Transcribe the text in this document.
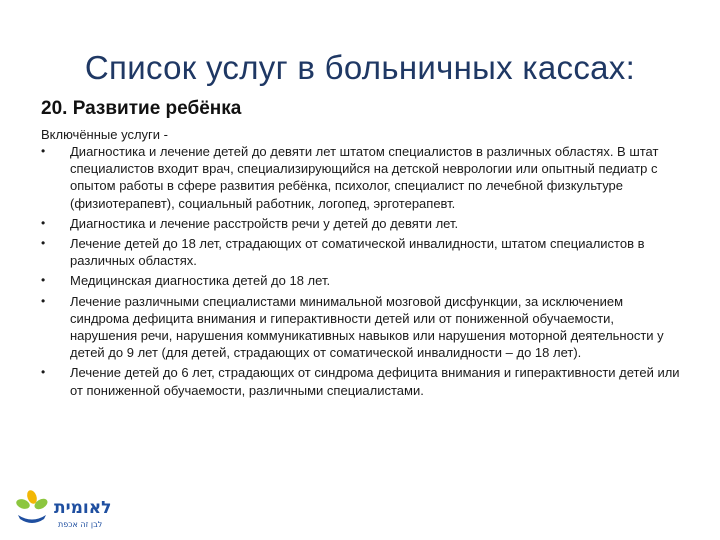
Список услуг в больничных кассах:
20. Развитие ребёнка
Включённые услуги -
• Диагностика и лечение детей до девяти лет штатом специалистов в различных областях. В штат специалистов входит врач, специализирующийся на детской неврологии или опытный педиатр с опытом работы в сфере развития ребёнка, психолог, специалист по лечебной физкультуре (физиотерапевт), социальный работник, логопед, эрготерапевт.
• Диагностика и лечение расстройств речи у детей до девяти лет.
• Лечение детей до 18 лет, страдающих от соматической инвалидности, штатом специалистов в различных областях.
• Медицинская диагностика детей до 18 лет.
• Лечение различными специалистами минимальной мозговой дисфункции, за исключением синдрома дефицита внимания и гиперактивности детей или от пониженной обучаемости, нарушения речи, нарушения коммуникативных навыков или нарушения моторной деятельности у детей до 9 лет (для детей, страдающих от соматической инвалидности – до 18 лет).
• Лечение детей до 6 лет, страдающих от синдрома дефицита внимания и гиперактивности детей или от пониженной обучаемости, различными специалистами.
לאומית
לבן זה אכפת
